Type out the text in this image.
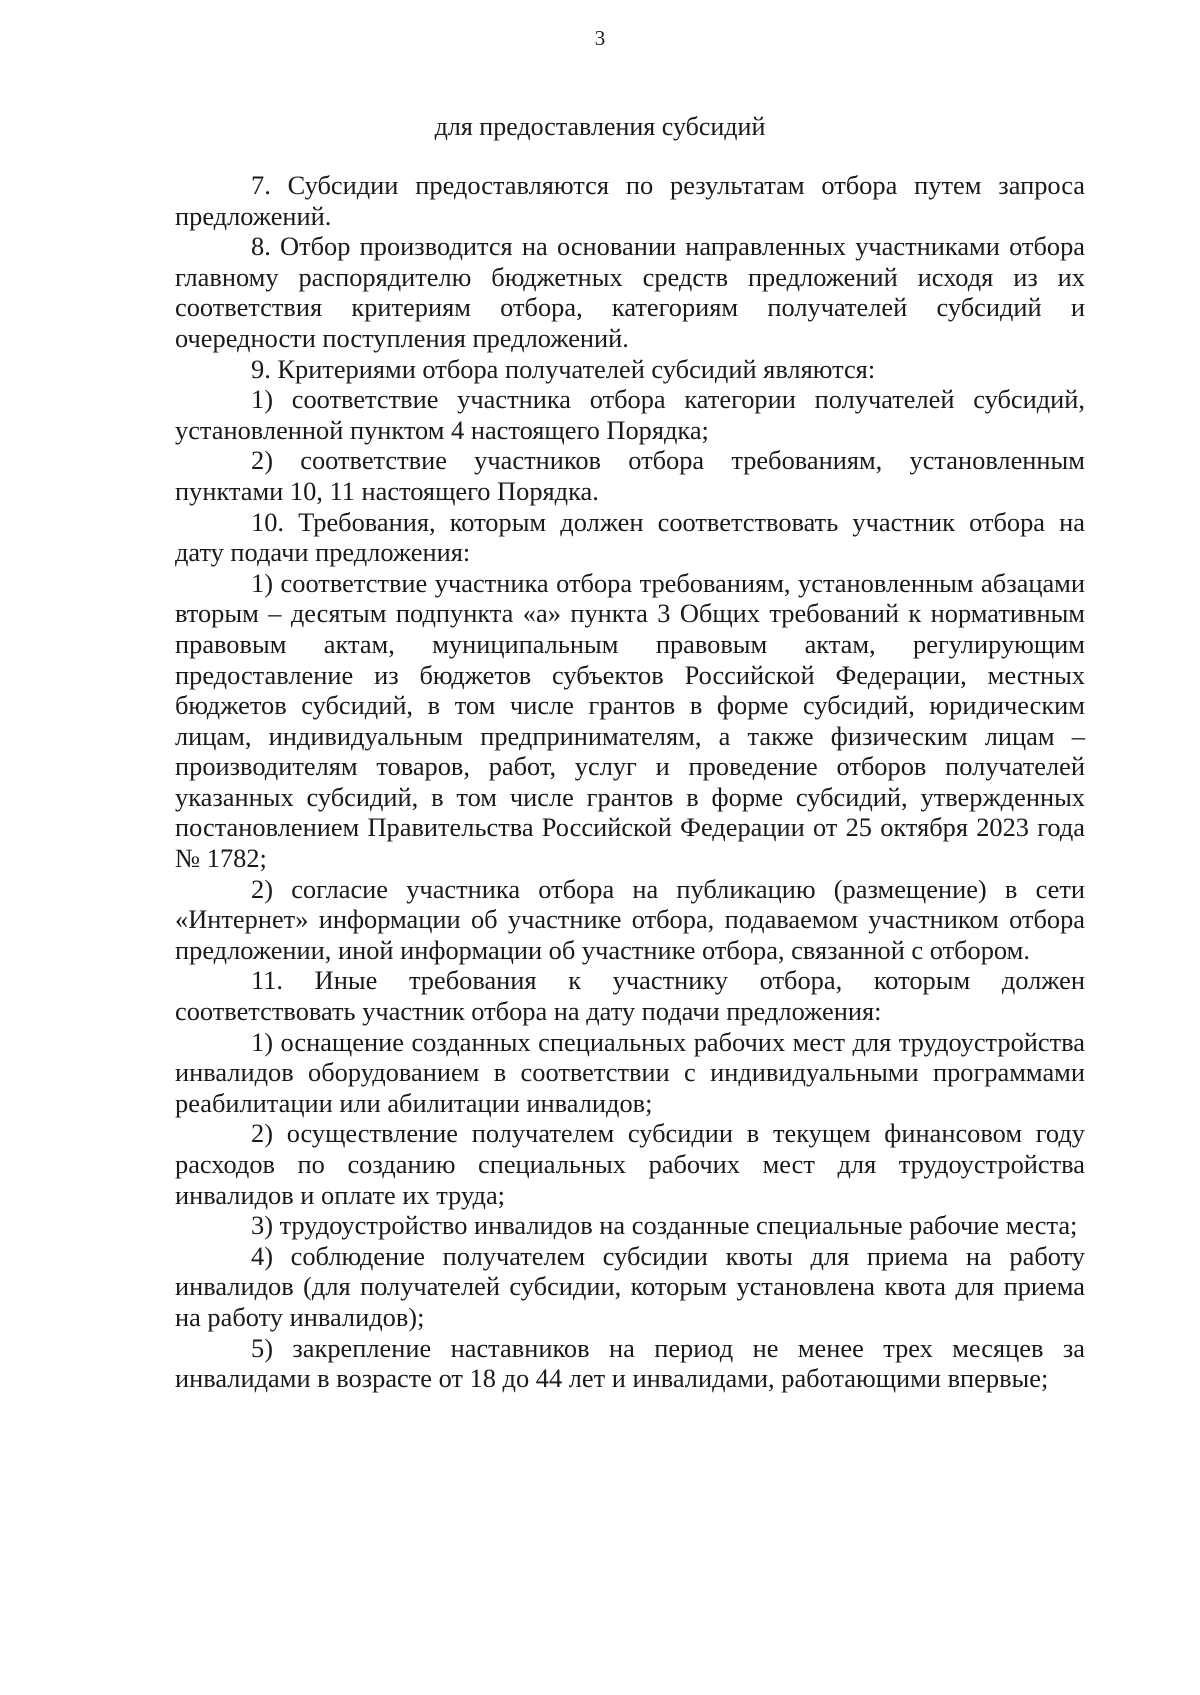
3
для предоставления субсидий

7. Субсидии предоставляются по результатам отбора путем запроса предложений.

8. Отбор производится на основании направленных участниками отбора главному распорядителю бюджетных средств предложений исходя из их соответствия критериям отбора, категориям получателей субсидий и очередности поступления предложений.

9. Критериями отбора получателей субсидий являются:

1) соответствие участника отбора категории получателей субсидий, установленной пунктом 4 настоящего Порядка;

2) соответствие участников отбора требованиям, установленным пунктами 10, 11 настоящего Порядка.

10. Требования, которым должен соответствовать участник отбора на дату подачи предложения:

1) соответствие участника отбора требованиям, установленным абзацами вторым – десятым подпункта «а» пункта 3 Общих требований к нормативным правовым актам, муниципальным правовым актам, регулирующим предоставление из бюджетов субъектов Российской Федерации, местных бюджетов субсидий, в том числе грантов в форме субсидий, юридическим лицам, индивидуальным предпринимателям, а также физическим лицам – производителям товаров, работ, услуг и проведение отборов получателей указанных субсидий, в том числе грантов в форме субсидий, утвержденных постановлением Правительства Российской Федерации от 25 октября 2023 года № 1782;

2) согласие участника отбора на публикацию (размещение) в сети «Интернет» информации об участнике отбора, подаваемом участником отбора предложении, иной информации об участнике отбора, связанной с отбором.

11. Иные требования к участнику отбора, которым должен соответствовать участник отбора на дату подачи предложения:

1) оснащение созданных специальных рабочих мест для трудоустройства инвалидов оборудованием в соответствии с индивидуальными программами реабилитации или абилитации инвалидов;

2) осуществление получателем субсидии в текущем финансовом году расходов по созданию специальных рабочих мест для трудоустройства инвалидов и оплате их труда;

3) трудоустройство инвалидов на созданные специальные рабочие места;

4) соблюдение получателем субсидии квоты для приема на работу инвалидов (для получателей субсидии, которым установлена квота для приема на работу инвалидов);

5) закрепление наставников на период не менее трех месяцев за инвалидами в возрасте от 18 до 44 лет и инвалидами, работающими впервые;
